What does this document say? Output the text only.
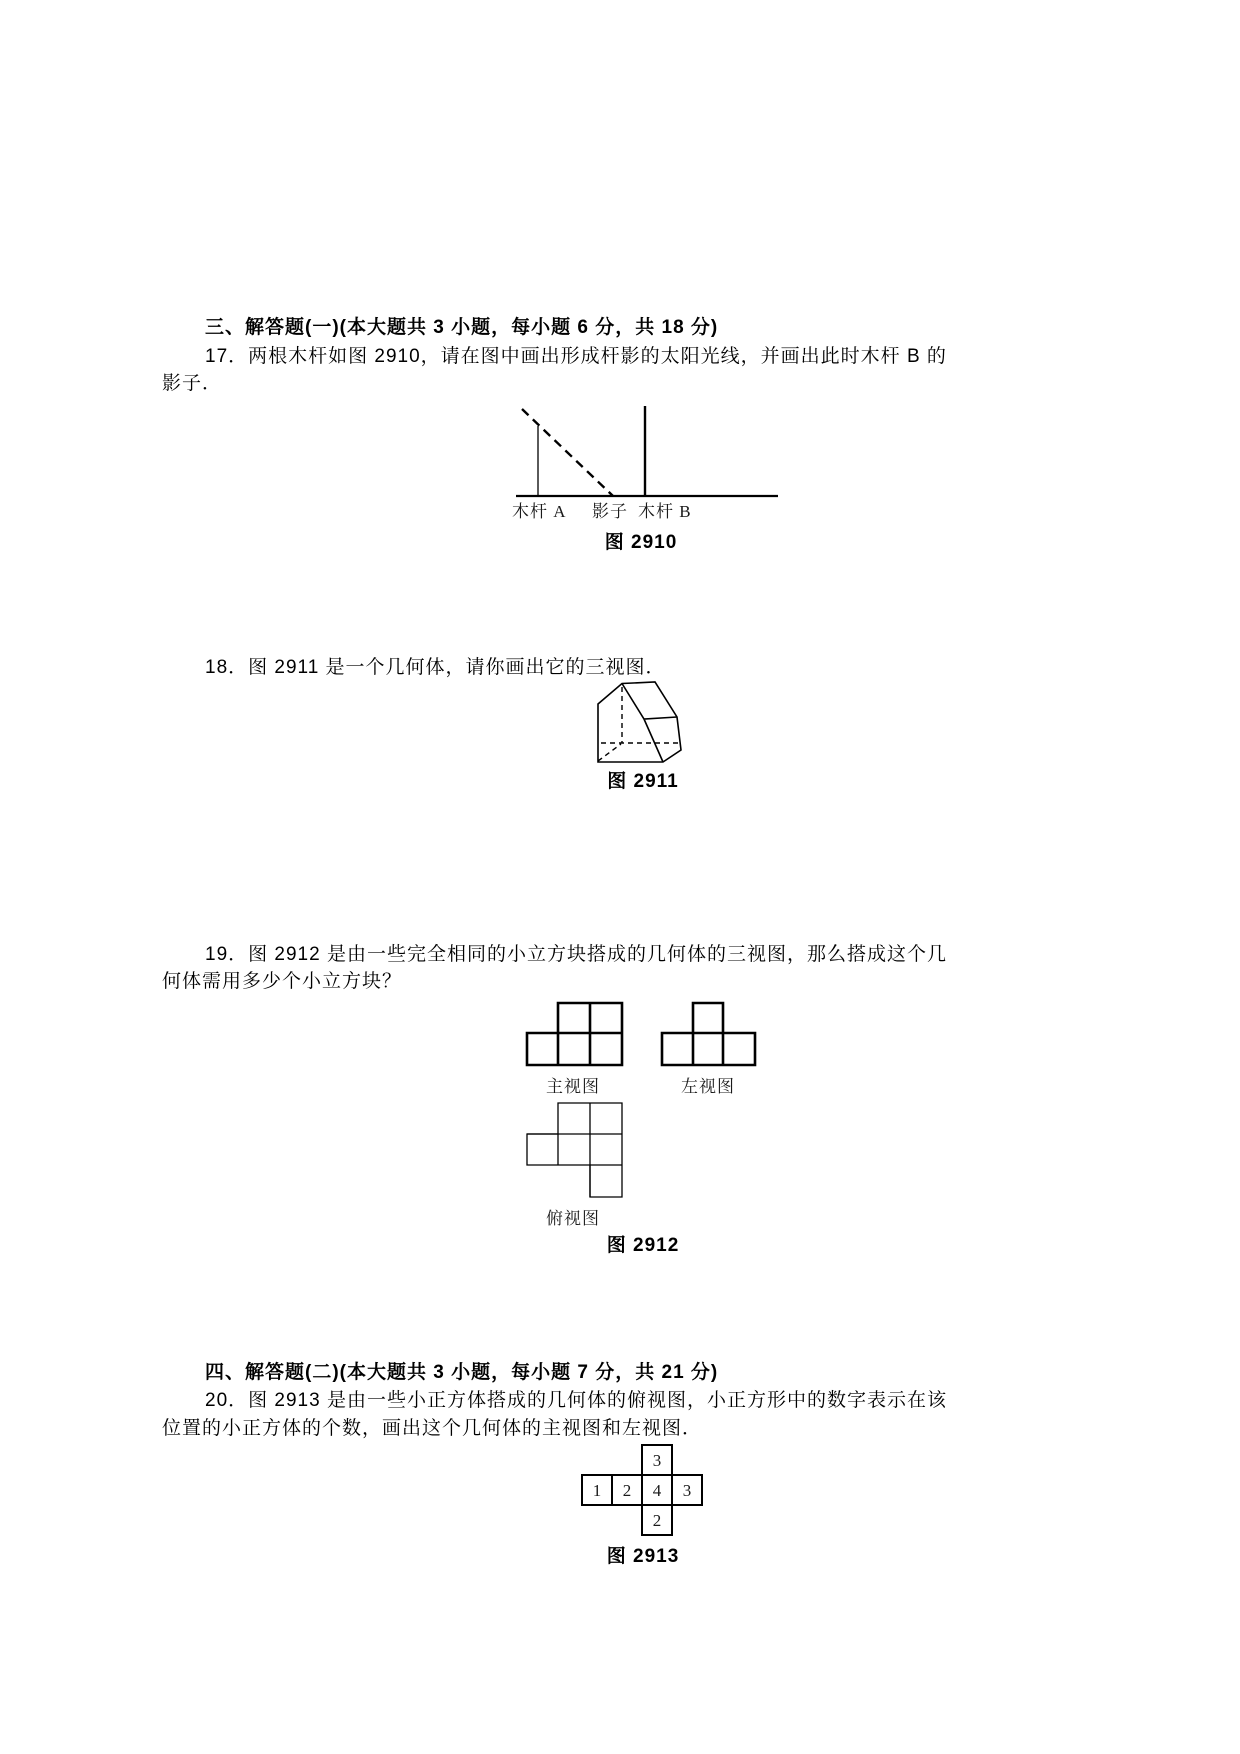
三、解答题(一)(本大题共 3 小题，每小题 6 分，共 18 分)
17．两根木杆如图 2910，请在图中画出形成杆影的太阳光线，并画出此时木杆 B 的
影子．
木杆 A 影子 木杆 B
图 2910
18．图 2911 是一个几何体，请你画出它的三视图．
图 2911
19．图 2912 是由一些完全相同的小立方块搭成的几何体的三视图，那么搭成这个几
何体需用多少个小立方块？
主视图	左视图
俯视图
图 2912
四、解答题(二)(本大题共 3 小题，每小题 7 分，共 21 分)
20．图 2913 是由一些小正方体搭成的几何体的俯视图，小正方形中的数字表示在该
位置的小正方体的个数，画出这个几何体的主视图和左视图．
3
1 2 4 3
2
图 2913
